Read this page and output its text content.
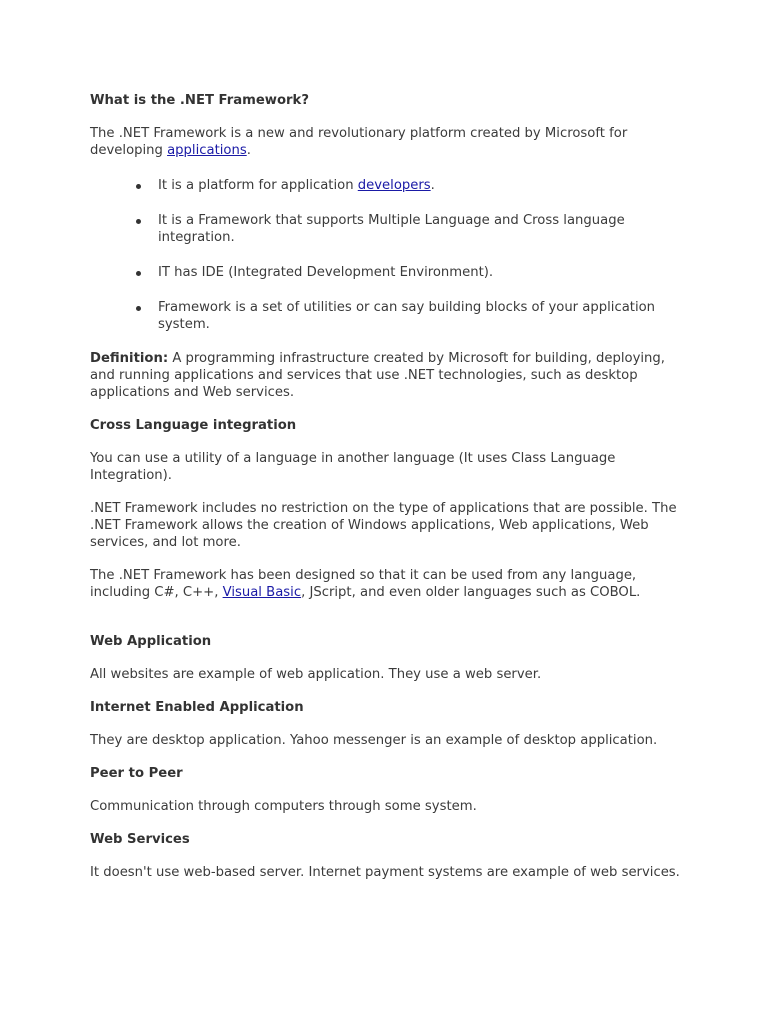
What is the .NET Framework?

The .NET Framework is a new and revolutionary platform created by Microsoft for developing applications.

It is a platform for application developers.
It is a Framework that supports Multiple Language and Cross language integration.
IT has IDE (Integrated Development Environment).
Framework is a set of utilities or can say building blocks of your application system.

Definition: A programming infrastructure created by Microsoft for building, deploying, and running applications and services that use .NET technologies, such as desktop applications and Web services.

Cross Language integration

You can use a utility of a language in another language (It uses Class Language Integration).

.NET Framework includes no restriction on the type of applications that are possible. The .NET Framework allows the creation of Windows applications, Web applications, Web services, and lot more.

The .NET Framework has been designed so that it can be used from any language, including C#, C++, Visual Basic, JScript, and even older languages such as COBOL.

Web Application

All websites are example of web application. They use a web server.

Internet Enabled Application

They are desktop application. Yahoo messenger is an example of desktop application.

Peer to Peer

Communication through computers through some system.

Web Services

It doesn't use web-based server. Internet payment systems are example of web services.
